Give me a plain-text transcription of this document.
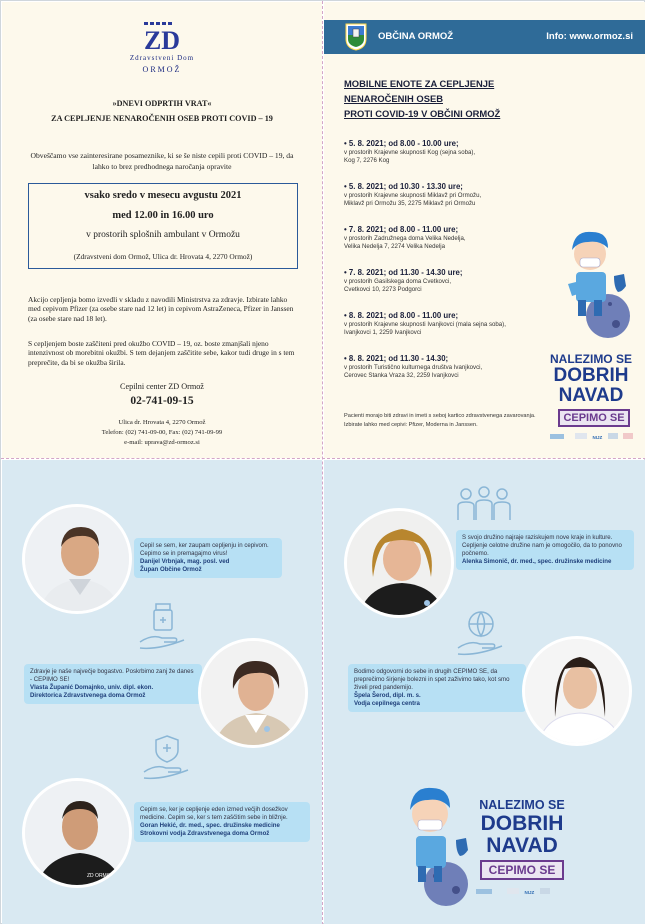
ZD
Zdravstveni Dom
ORMOŽ
»DNEVI ODPRTIH VRAT«
ZA CEPLJENJE NENAROČENIH OSEB PROTI COVID – 19
Obveščamo vse zainteresirane posameznike, ki se še niste cepili proti COVID – 19, da lahko to brez predhodnega naročanja opravite
vsako sredo v mesecu avgustu 2021
med 12.00 in 16.00 uro
v prostorih splošnih ambulant v Ormožu
(Zdravstveni dom Ormož, Ulica dr. Hrovata 4, 2270 Ormož)
Akcijo cepljenja bomo izvedli v skladu z navodili Ministrstva za zdravje. Izbirate lahko med cepivom Pfizer (za osebe stare nad 12 let) in cepivom AstraZeneca, Pfizer in Janssen (za osebe stare nad 18 let).
S cepljenjem boste zaščiteni pred okužbo COVID – 19, oz. boste zmanjšali njeno intenzivnost ob morebitni okužbi. S tem dejanjem zaščitite sebe, kakor tudi druge in s tem preprečite, da bi se okužba širila.
Cepilni center ZD Ormož
02-741-09-15
Ulica dr. Hrovata 4, 2270 Ormož
Telefon: (02) 741-09-00, Fax: (02) 741-09-99
e-mail: uprava@zd-ormoz.si
OBČINA ORMOŽ	Info: www.ormoz.si
MOBILNE ENOTE ZA CEPLJENJE
NENAROČENIH OSEB
PROTI COVID-19 V OBČINI ORMOŽ
• 5. 8. 2021; od 8.00 - 10.00 ure;
v prostorih Krajevne skupnosti Kog (sejna soba),
Kog 7, 2276 Kog
• 5. 8. 2021; od 10.30 - 13.30 ure;
v prostorih Krajevne skupnosti Miklavž pri Ormožu,
Miklavž pri Ormožu 35, 2275 Miklavž pri Ormožu
• 7. 8. 2021; od 8.00 - 11.00 ure;
v prostorih Zadružnega doma Velika Nedelja,
Velika Nedelja 7, 2274 Velika Nedelja
• 7. 8. 2021; od 11.30 - 14.30 ure;
v prostorih Gasilskega doma Cvetkovci,
Cvetkovci 10, 2273 Podgorci
• 8. 8. 2021; od 8.00 - 11.00 ure;
v prostorih Krajevne skupnosti Ivanjkovci (mala sejna soba),
Ivanjkovci 1, 2259 Ivanjkovci
• 8. 8. 2021; od 11.30 - 14.30;
v prostorih Turistično kulturnega društva Ivanjkovci,
Cerovec Stanka Vraza 32, 2259 Ivanjkovci
Pacienti morajo biti zdravi in imeti s seboj kartico zdravstvenega zavarovanja.
Izbirate lahko med cepivi: Pfizer, Moderna in Janssen.
NALEZIMO SE
DOBRIH
NAVAD
CEPIMO SE
NIJZ
Cepil se sem, ker zaupam cepljenju in cepivom. Cepimo se in premagajmo virus!
Danijel Vrbnjak, mag. posl. ved
Župan Občine Ormož
Zdravje je naše največje bogastvo. Poskrbimo zanj že danes - CEPIMO SE!
Vlasta Županić Domajnko, univ. dipl. ekon.
Direktorica Zdravstvenega doma Ormož
ZD ORMOŽ
Cepim se, ker je cepljenje eden izmed večjih dosežkov medicine. Cepim se, ker s tem zaščitim sebe in bližnje.
Goran Hekić, dr. med., spec. družinske medicine
Strokovni vodja Zdravstvenega doma Ormož
S svojo družino najraje raziskujem nove kraje in kulture. Cepljenje celotne družine nam je omogočilo, da to ponovno počnemo.
Alenka Simonič, dr. med., spec. družinske medicine
Bodimo odgovorni do sebe in drugih CEPIMO SE, da preprečimo širjenje bolezni in spet zaživimo tako, kot smo živeli pred pandemijo.
Špela Šerod, dipl. m. s.
Vodja cepilnega centra
NALEZIMO SE
DOBRIH
NAVAD
CEPIMO SE
NIJZ
